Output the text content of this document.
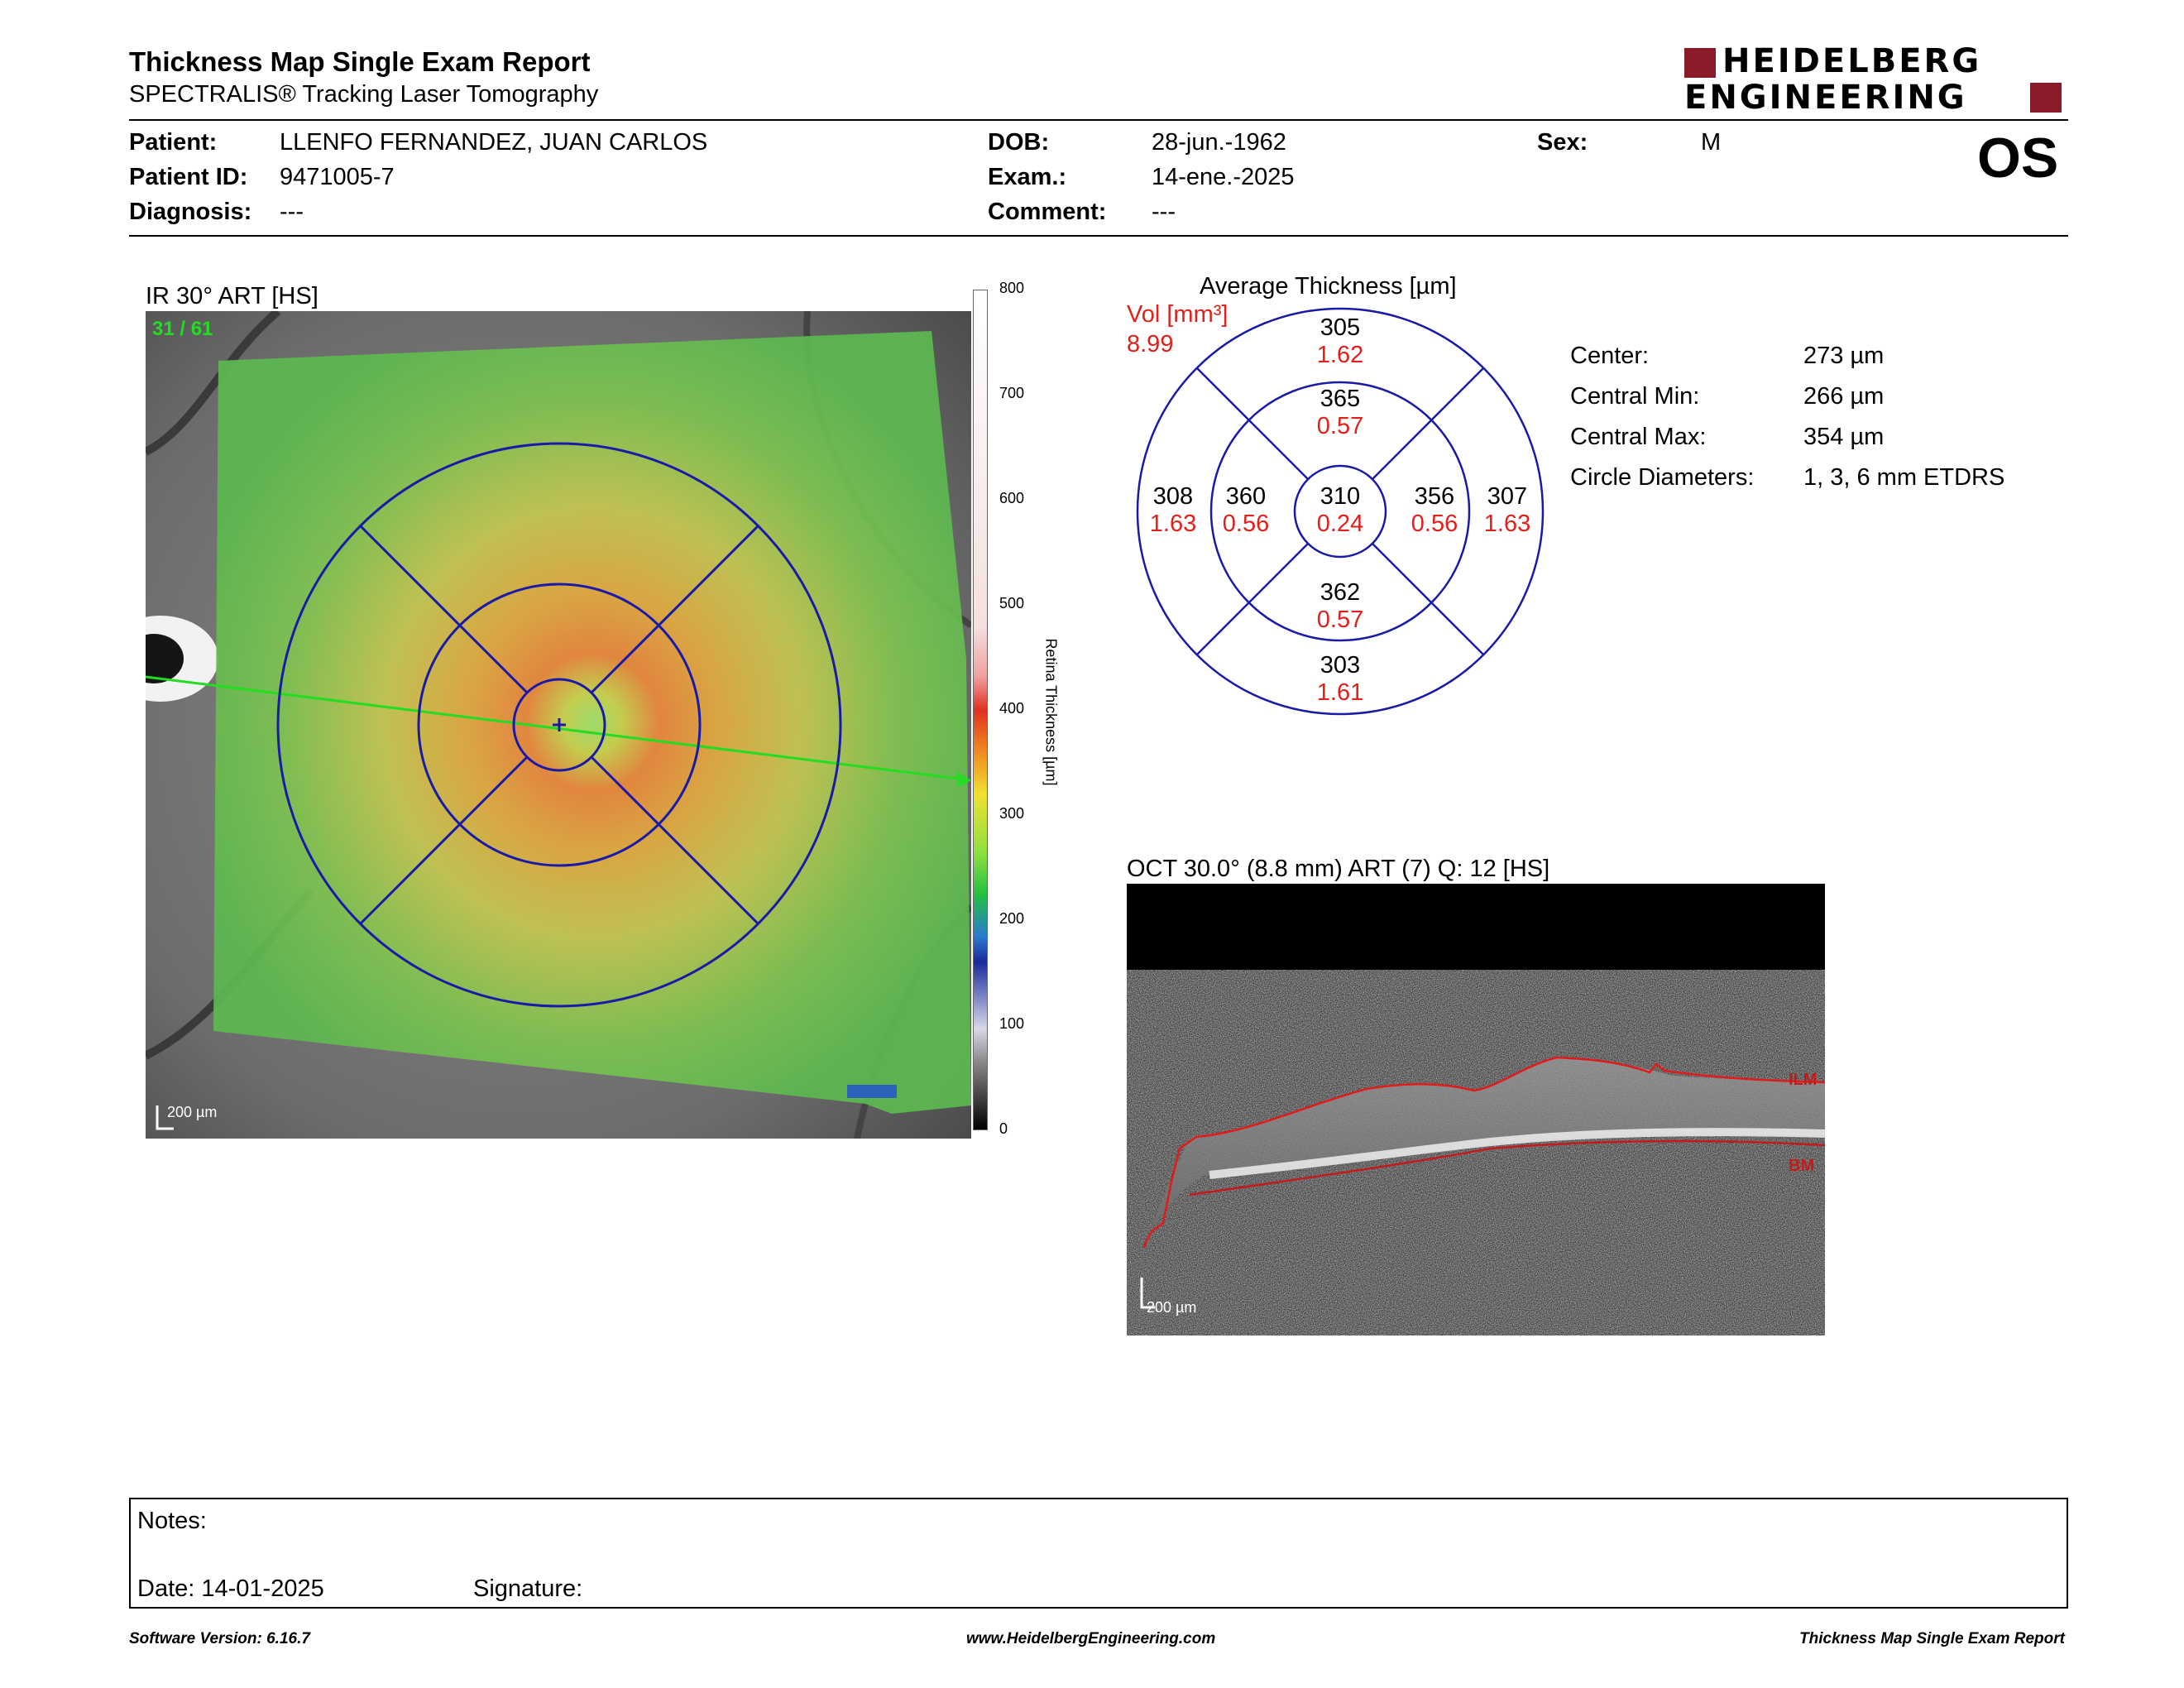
Thickness Map Single Exam Report
SPECTRALIS® Tracking Laser Tomography
HEIDELBERG
ENGINEERING
Patient:	LLENFO FERNANDEZ, JUAN CARLOS
Patient ID: 9471005-7
Diagnosis: ---
DOB:	28-jun.-1962
Exam.:	14-ene.-2025
Comment: ---
Sex:	M	OS
IR 30° ART [HS]
31 / 61
200 µm
800
700
600
500
400
300
200
100
0
Retina Thickness [µm]
Average Thickness [µm]
Vol [mm³]
8.99
305
1.62
365
0.57
308
1.63
360
0.56
310
0.24
356
0.56
307
1.63
362
0.57
303
1.61
Center:	273 µm
Central Min:	266 µm
Central Max:	354 µm
Circle Diameters: 1, 3, 6 mm ETDRS
OCT 30.0° (8.8 mm) ART (7) Q: 12 [HS]
ILM
BM
200 µm
Notes:
Date: 14-01-2025	Signature:
Software Version: 6.16.7	www.HeidelbergEngineering.com	Thickness Map Single Exam Report
